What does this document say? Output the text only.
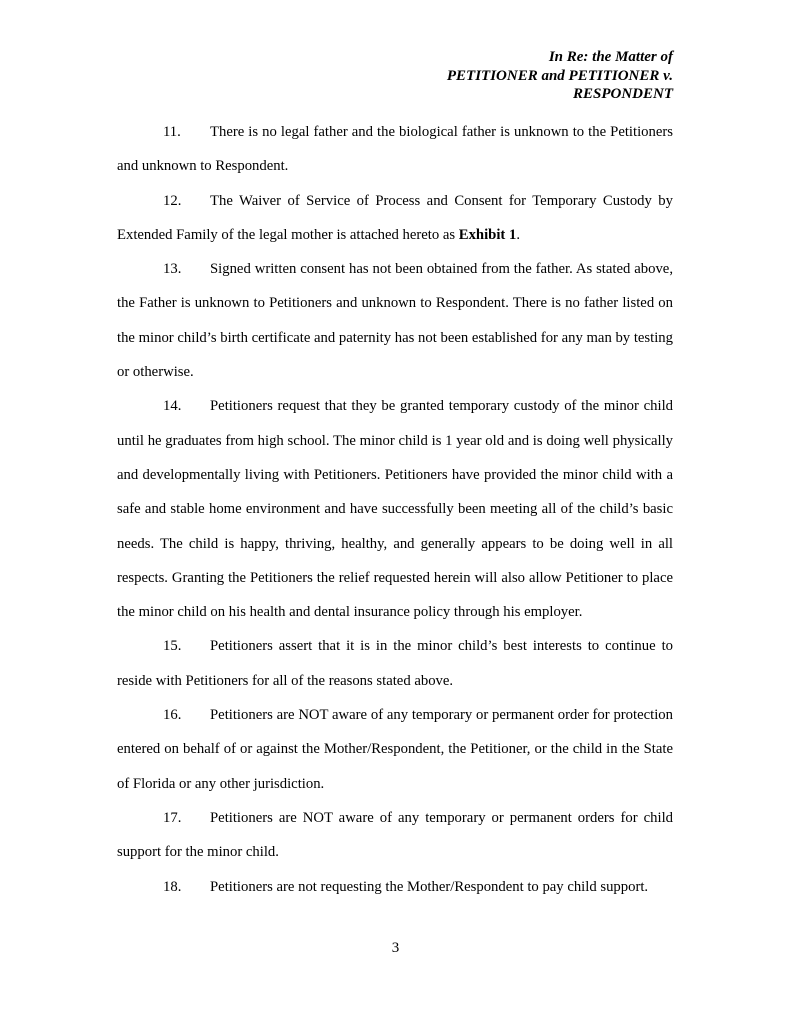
In Re: the Matter of
PETITIONER and PETITIONER v.
RESPONDENT

11. There is no legal father and the biological father is unknown to the Petitioners and unknown to Respondent.

12. The Waiver of Service of Process and Consent for Temporary Custody by Extended Family of the legal mother is attached hereto as Exhibit 1.

13. Signed written consent has not been obtained from the father. As stated above, the Father is unknown to Petitioners and unknown to Respondent. There is no father listed on the minor child’s birth certificate and paternity has not been established for any man by testing or otherwise.

14. Petitioners request that they be granted temporary custody of the minor child until he graduates from high school. The minor child is 1 year old and is doing well physically and developmentally living with Petitioners. Petitioners have provided the minor child with a safe and stable home environment and have successfully been meeting all of the child’s basic needs. The child is happy, thriving, healthy, and generally appears to be doing well in all respects. Granting the Petitioners the relief requested herein will also allow Petitioner to place the minor child on his health and dental insurance policy through his employer.

15. Petitioners assert that it is in the minor child’s best interests to continue to reside with Petitioners for all of the reasons stated above.

16. Petitioners are NOT aware of any temporary or permanent order for protection entered on behalf of or against the Mother/Respondent, the Petitioner, or the child in the State of Florida or any other jurisdiction.

17. Petitioners are NOT aware of any temporary or permanent orders for child support for the minor child.

18. Petitioners are not requesting the Mother/Respondent to pay child support.

3
